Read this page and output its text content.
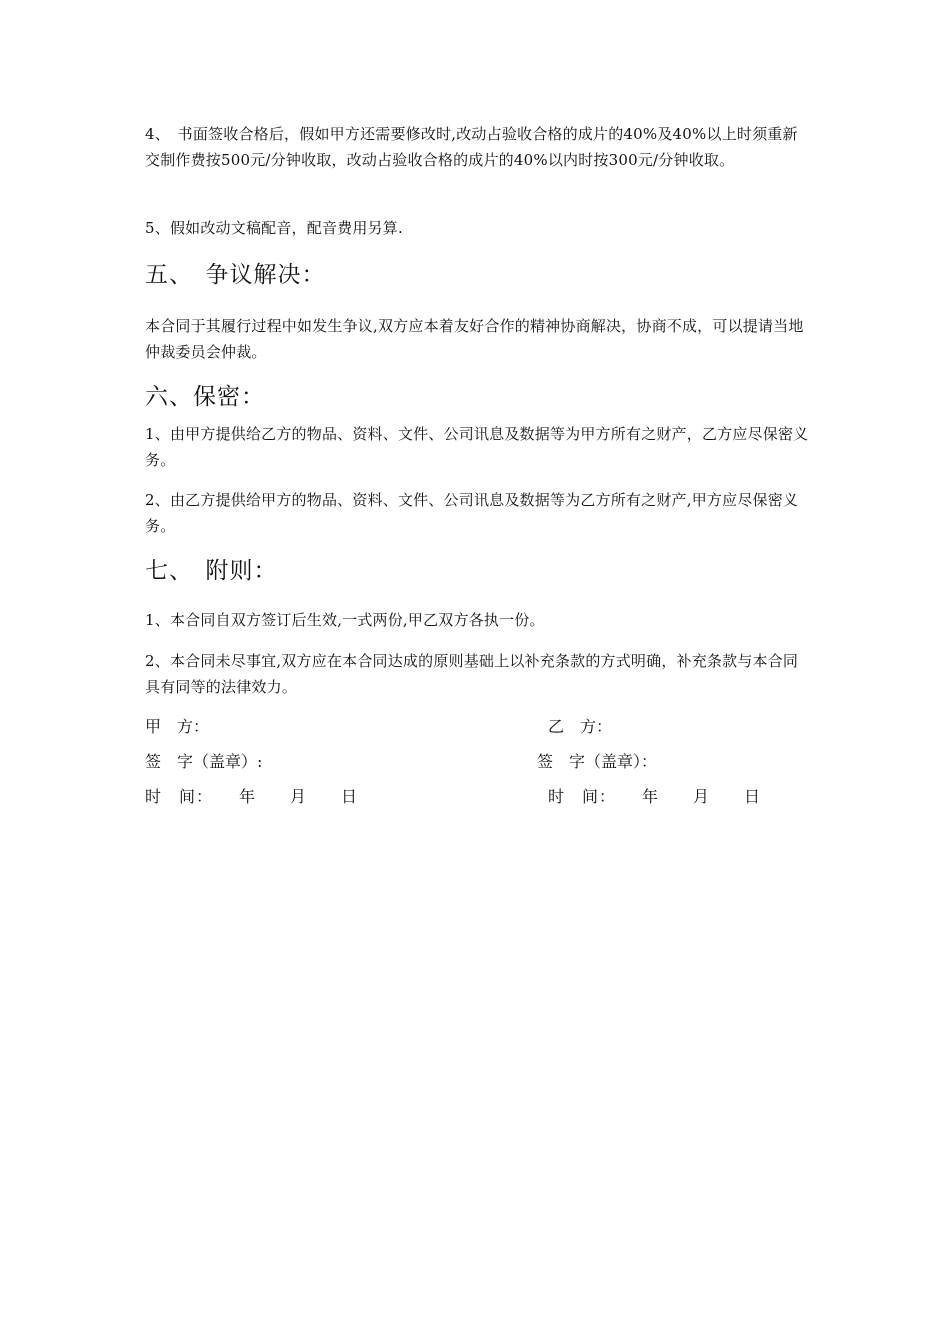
4、　书面签收合格后，假如甲方还需要修改时,改动占验收合格的成片的40%及40%以上时须重新交制作费按500元/分钟收取，改动占验收合格的成片的40%以内时按300元/分钟收取。

5、假如改动文稿配音，配音费用另算.

五、　争议解决：

本合同于其履行过程中如发生争议,双方应本着友好合作的精神协商解决，协商不成，可以提请当地仲裁委员会仲裁。

六、保密：

1、由甲方提供给乙方的物品、资料、文件、公司讯息及数据等为甲方所有之财产，乙方应尽保密义务。

2、由乙方提供给甲方的物品、资料、文件、公司讯息及数据等为乙方所有之财产,甲方应尽保密义务。

七、　附则：

1、本合同自双方签订后生效,一式两份,甲乙双方各执一份。

2、本合同未尽事宜,双方应在本合同达成的原则基础上以补充条款的方式明确，补充条款与本合同具有同等的法律效力。

甲　方：	乙　方：

签　字（盖章）:	签　字（盖章）：

时　间：　　年　　月　　日	时　间：　　年　　月　　日
